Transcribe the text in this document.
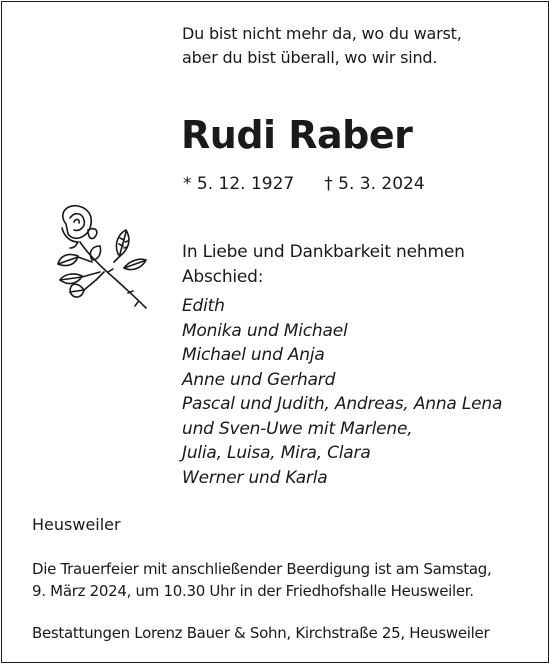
Du bist nicht mehr da, wo du warst,
aber du bist überall, wo wir sind.
Rudi Raber
* 5. 12. 1927 † 5. 3. 2024
In Liebe und Dankbarkeit nehmen Abschied:
Edith
Monika und Michael
Michael und Anja
Anne und Gerhard
Pascal und Judith, Andreas, Anna Lena
und Sven-Uwe mit Marlene,
Julia, Luisa, Mira, Clara
Werner und Karla
Heusweiler
Die Trauerfeier mit anschließender Beerdigung ist am Samstag,
9. März 2024, um 10.30 Uhr in der Friedhofshalle Heusweiler.
Bestattungen Lorenz Bauer & Sohn, Kirchstraße 25, Heusweiler
